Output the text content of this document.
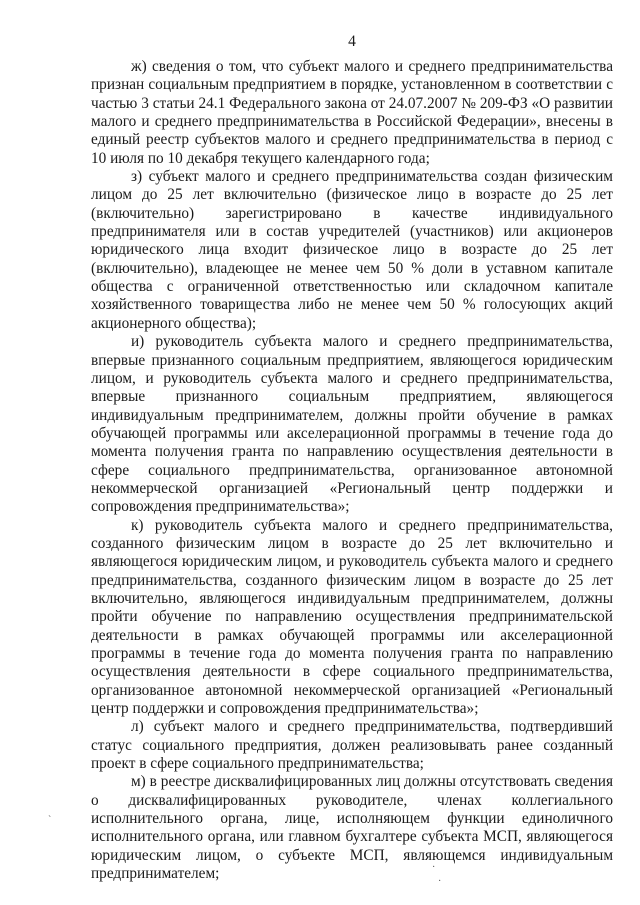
4

ж) сведения о том, что субъект малого и среднего предпринимательства признан социальным предприятием в порядке, установленном в соответствии с частью 3 статьи 24.1 Федерального закона от 24.07.2007 № 209-ФЗ «О развитии малого и среднего предпринимательства в Российской Федерации», внесены в единый реестр субъектов малого и среднего предпринимательства в период с 10 июля по 10 декабря текущего календарного года;

з) субъект малого и среднего предпринимательства создан физическим лицом до 25 лет включительно (физическое лицо в возрасте до 25 лет (включительно) зарегистрировано в качестве индивидуального предпринимателя или в состав учредителей (участников) или акционеров юридического лица входит физическое лицо в возрасте до 25 лет (включительно), владеющее не менее чем 50 % доли в уставном капитале общества с ограниченной ответственностью или складочном капитале хозяйственного товарищества либо не менее чем 50 % голосующих акций акционерного общества);

и) руководитель субъекта малого и среднего предпринимательства, впервые признанного социальным предприятием, являющегося юридическим лицом, и руководитель субъекта малого и среднего предпринимательства, впервые признанного социальным предприятием, являющегося индивидуальным предпринимателем, должны пройти обучение в рамках обучающей программы или акселерационной программы в течение года до момента получения гранта по направлению осуществления деятельности в сфере социального предпринимательства, организованное автономной некоммерческой организацией «Региональный центр поддержки и сопровождения предпринимательства»;

к) руководитель субъекта малого и среднего предпринимательства, созданного физическим лицом в возрасте до 25 лет включительно и являющегося юридическим лицом, и руководитель субъекта малого и среднего предпринимательства, созданного физическим лицом в возрасте до 25 лет включительно, являющегося индивидуальным предпринимателем, должны пройти обучение по направлению осуществления предпринимательской деятельности в рамках обучающей программы или акселерационной программы в течение года до момента получения гранта по направлению осуществления деятельности в сфере социального предпринимательства, организованное автономной некоммерческой организацией «Региональный центр поддержки и сопровождения предпринимательства»;

л) субъект малого и среднего предпринимательства, подтвердивший статус социального предприятия, должен реализовывать ранее созданный проект в сфере социального предпринимательства;

м) в реестре дисквалифицированных лиц должны отсутствовать сведения о дисквалифицированных руководителе, членах коллегиального исполнительного органа, лице, исполняющем функции единоличного исполнительного органа, или главном бухгалтере субъекта МСП, являющегося юридическим лицом, о субъекте МСП, являющемся индивидуальным предпринимателем;

ˋ
·
·
